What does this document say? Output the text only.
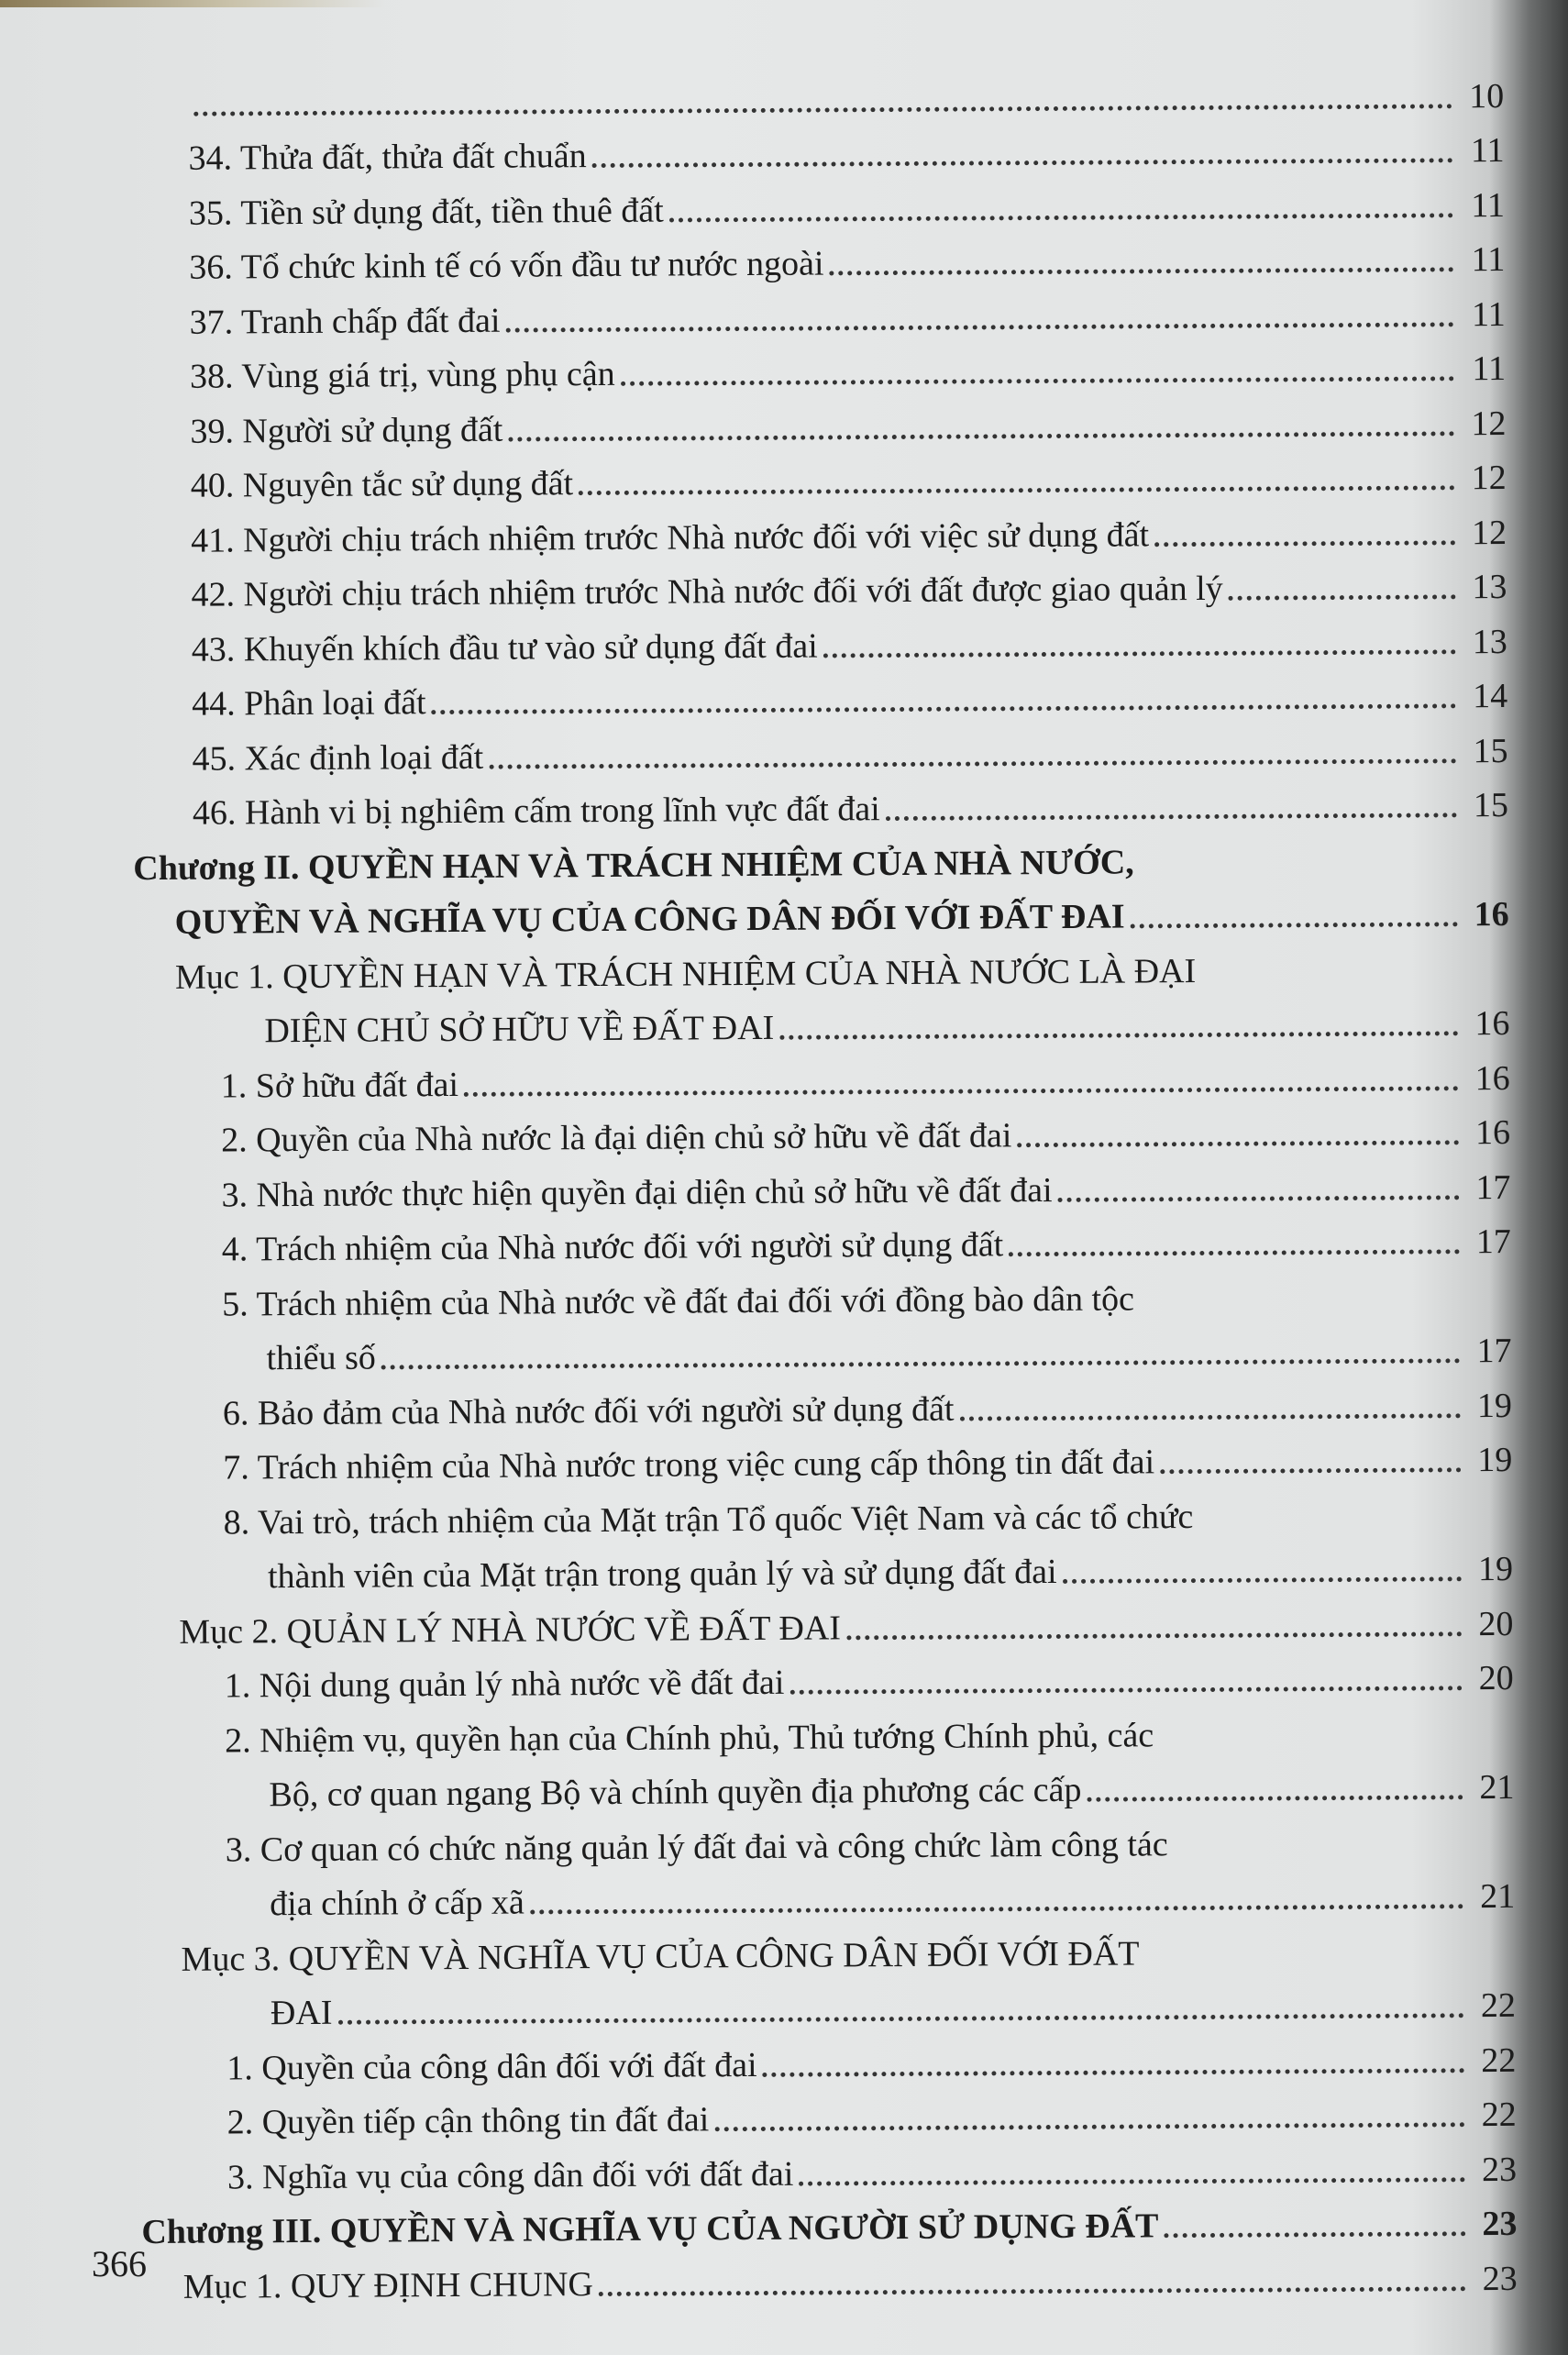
10
34. Thửa đất, thửa đất chuẩn	11
35. Tiền sử dụng đất, tiền thuê đất	11
36. Tổ chức kinh tế có vốn đầu tư nước ngoài	11
37. Tranh chấp đất đai	11
38. Vùng giá trị, vùng phụ cận	11
39. Người sử dụng đất	12
40. Nguyên tắc sử dụng đất	12
41. Người chịu trách nhiệm trước Nhà nước đối với việc sử dụng đất	12
42. Người chịu trách nhiệm trước Nhà nước đối với đất được giao quản lý	13
43. Khuyến khích đầu tư vào sử dụng đất đai	13
44. Phân loại đất	14
45. Xác định loại đất	15
46. Hành vi bị nghiêm cấm trong lĩnh vực đất đai	15
Chương II. QUYỀN HẠN VÀ TRÁCH NHIỆM CỦA NHÀ NƯỚC,
QUYỀN VÀ NGHĨA VỤ CỦA CÔNG DÂN ĐỐI VỚI ĐẤT ĐAI	16
Mục 1. QUYỀN HẠN VÀ TRÁCH NHIỆM CỦA NHÀ NƯỚC LÀ ĐẠI
DIỆN CHỦ SỞ HỮU VỀ ĐẤT ĐAI	16
1. Sở hữu đất đai	16
2. Quyền của Nhà nước là đại diện chủ sở hữu về đất đai	16
3. Nhà nước thực hiện quyền đại diện chủ sở hữu về đất đai	17
4. Trách nhiệm của Nhà nước đối với người sử dụng đất	17
5. Trách nhiệm của Nhà nước về đất đai đối với đồng bào dân tộc
thiểu số	17
6. Bảo đảm của Nhà nước đối với người sử dụng đất	19
7. Trách nhiệm của Nhà nước trong việc cung cấp thông tin đất đai	19
8. Vai trò, trách nhiệm của Mặt trận Tổ quốc Việt Nam và các tổ chức
thành viên của Mặt trận trong quản lý và sử dụng đất đai	19
Mục 2. QUẢN LÝ NHÀ NƯỚC VỀ ĐẤT ĐAI	20
1. Nội dung quản lý nhà nước về đất đai	20
2. Nhiệm vụ, quyền hạn của Chính phủ, Thủ tướng Chính phủ, các
Bộ, cơ quan ngang Bộ và chính quyền địa phương các cấp	21
3. Cơ quan có chức năng quản lý đất đai và công chức làm công tác
địa chính ở cấp xã	21
Mục 3. QUYỀN VÀ NGHĨA VỤ CỦA CÔNG DÂN ĐỐI VỚI ĐẤT
ĐAI	22
1. Quyền của công dân đối với đất đai	22
2. Quyền tiếp cận thông tin đất đai	22
3. Nghĩa vụ của công dân đối với đất đai	23
Chương III. QUYỀN VÀ NGHĨA VỤ CỦA NGƯỜI SỬ DỤNG ĐẤT	23
Mục 1. QUY ĐỊNH CHUNG	23
366
